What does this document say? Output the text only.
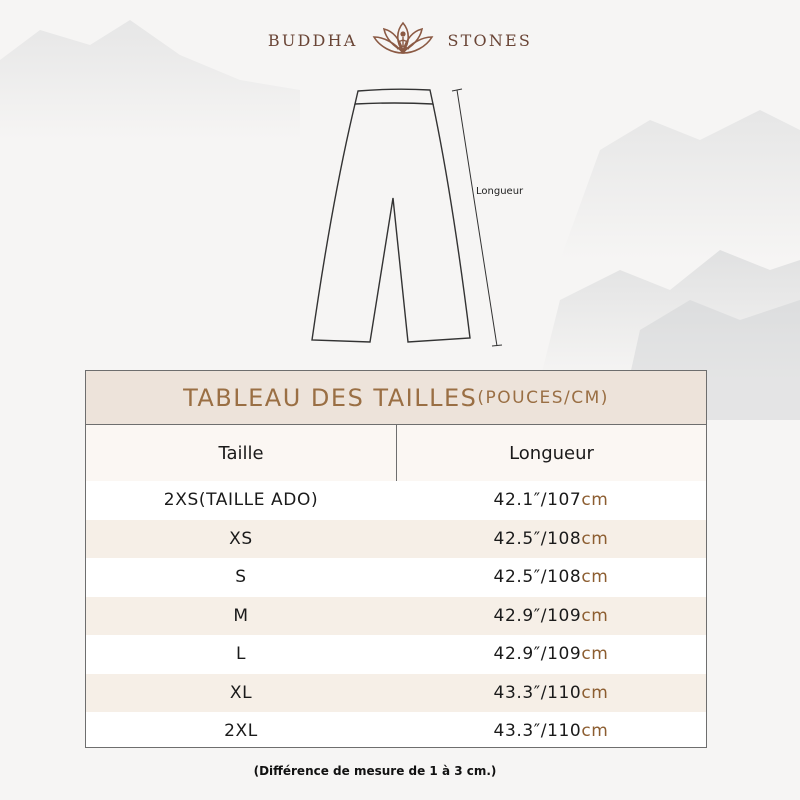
BUDDHA	STONES
Longueur
TABLEAU DES TAILLES (POUCES/CM)
Taille	Longueur
2XS(TAILLE ADO)	42.1″/107 cm
XS	42.5″/108 cm
S	42.5″/108 cm
M	42.9″/109 cm
L	42.9″/109 cm
XL	43.3″/110 cm
2XL	43.3″/110 cm
(Différence de mesure de 1 à 3 cm.)
